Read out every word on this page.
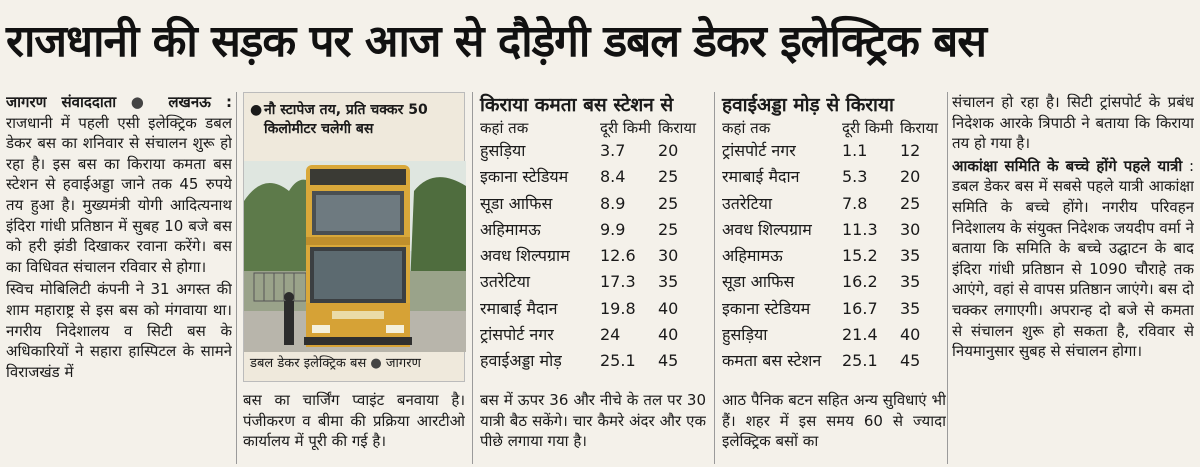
राजधानी की सड़क पर आज से दौड़ेगी डबल डेकर इलेक्ट्रिक बस

जागरण संवाददाता ● लखनऊ : राजधानी में पहली एसी इलेक्ट्रिक डबल डेकर बस का शनिवार से संचालन शुरू हो रहा है। इस बस का किराया कमता बस स्टेशन से हवाईअड्डा जाने तक 45 रुपये तय हुआ है। मुख्यमंत्री योगी आदित्यनाथ इंदिरा गांधी प्रतिष्ठान में सुबह 10 बजे बस को हरी झंडी दिखाकर रवाना करेंगे। बस का विधिवत संचालन रविवार से होगा।

स्विच मोबिलिटी कंपनी ने 31 अगस्त की शाम महाराष्ट्र से इस बस को मंगवाया था। नगरीय निदेशालय व सिटी बस के अधिकारियों ने सहारा हास्पिटल के सामने विराजखंड में

● नौ स्टापेज तय, प्रति चक्कर 50 किलोमीटर चलेगी बस
डबल डेकर इलेक्ट्रिक बस ● जागरण
बस का चार्जिंग प्वाइंट बनवाया है। पंजीकरण व बीमा की प्रक्रिया आरटीओ कार्यालय में पूरी की गई है।
किराया कमता बस स्टेशन से
कहां तक	दूरी किमी किराया
हुसड़िया	3.7	20
इकाना स्टेडियम	8.4	25
सूडा आफिस	8.9	25
अहिमामऊ	9.9	25
अवध शिल्पग्राम	12.6	30
उतरेटिया	17.3	35
रमाबाई मैदान	19.8	40
ट्रांसपोर्ट नगर	24	40
हवाईअड्डा मोड़	25.1	45
बस में ऊपर 36 और नीचे के तल पर 30 यात्री बैठ सकेंगे। चार कैमरे अंदर और एक पीछे लगाया गया है।
हवाईअड्डा मोड़ से किराया
कहां तक	दूरी किमी किराया
ट्रांसपोर्ट नगर	1.1	12
रमाबाई मैदान	5.3	20
उतरेटिया	7.8	25
अवध शिल्पग्राम	11.3	30
अहिमामऊ	15.2	35
सूडा आफिस	16.2	35
इकाना स्टेडियम	16.7	35
हुसड़िया	21.4	40
कमता बस स्टेशन	25.1	45
आठ पैनिक बटन सहित अन्य सुविधाएं भी हैं। शहर में इस समय 60 से ज्यादा इलेक्ट्रिक बसों का

संचालन हो रहा है। सिटी ट्रांसपोर्ट के प्रबंध निदेशक आरके त्रिपाठी ने बताया कि किराया तय हो गया है।

आकांक्षा समिति के बच्चे होंगे पहले यात्री : डबल डेकर बस में सबसे पहले यात्री आकांक्षा समिति के बच्चे होंगे। नगरीय परिवहन निदेशालय के संयुक्त निदेशक जयदीप वर्मा ने बताया कि समिति के बच्चे उद्घाटन के बाद इंदिरा गांधी प्रतिष्ठान से 1090 चौराहे तक आएंगे, वहां से वापस प्रतिष्ठान जाएंगे। बस दो चक्कर लगाएगी। अपरान्ह दो बजे से कमता से संचालन शुरू हो सकता है, रविवार से नियमानुसार सुबह से संचालन होगा।
